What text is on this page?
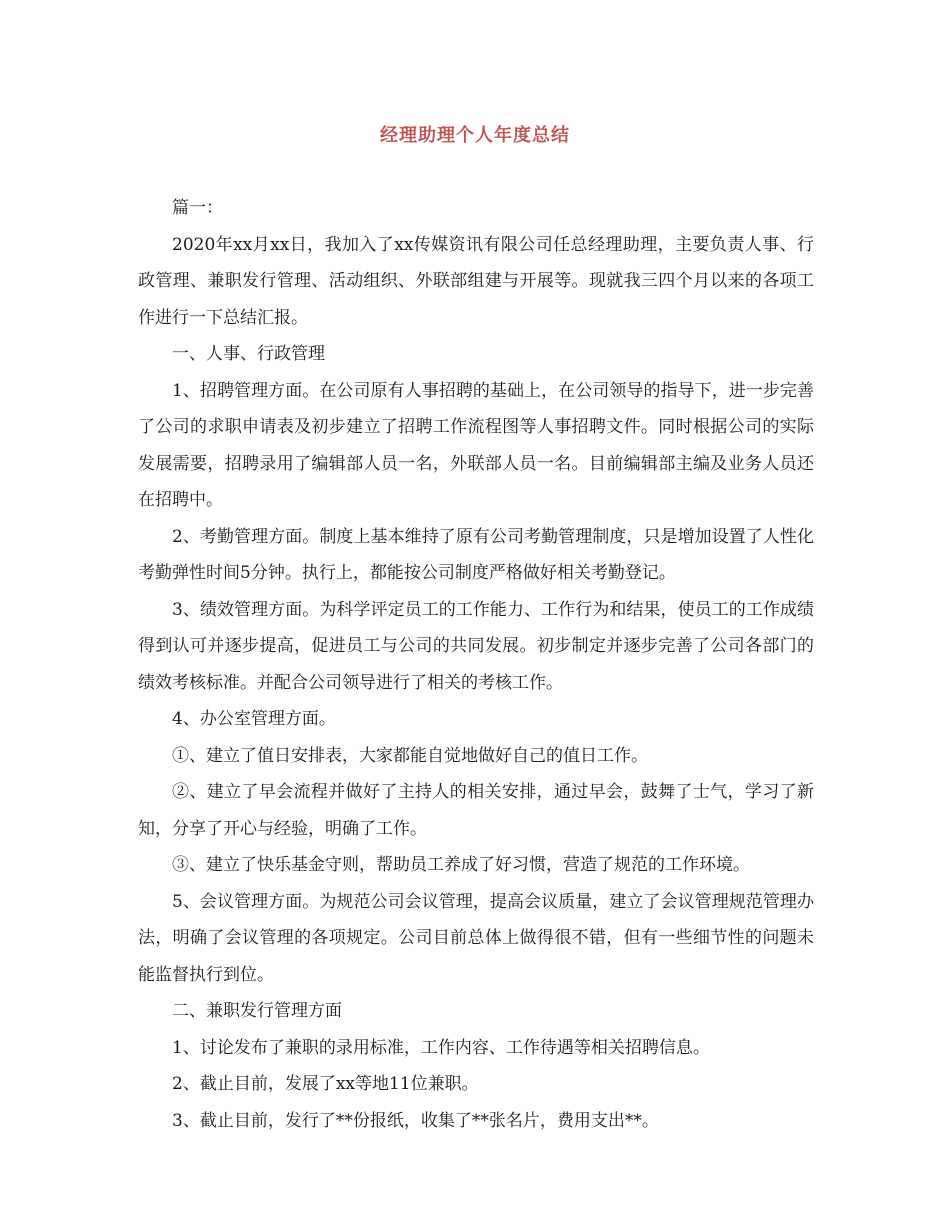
经理助理个人年度总结

篇一：

2020年xx月xx日，我加入了xx传媒资讯有限公司任总经理助理，主要负责人事、行政管理、兼职发行管理、活动组织、外联部组建与开展等。现就我三四个月以来的各项工作进行一下总结汇报。

一、人事、行政管理

1、招聘管理方面。在公司原有人事招聘的基础上，在公司领导的指导下，进一步完善了公司的求职申请表及初步建立了招聘工作流程图等人事招聘文件。同时根据公司的实际发展需要，招聘录用了编辑部人员一名，外联部人员一名。目前编辑部主编及业务人员还在招聘中。

2、考勤管理方面。制度上基本维持了原有公司考勤管理制度，只是增加设置了人性化考勤弹性时间5分钟。执行上，都能按公司制度严格做好相关考勤登记。

3、绩效管理方面。为科学评定员工的工作能力、工作行为和结果，使员工的工作成绩得到认可并逐步提高，促进员工与公司的共同发展。初步制定并逐步完善了公司各部门的绩效考核标准。并配合公司领导进行了相关的考核工作。

4、办公室管理方面。

①、建立了值日安排表，大家都能自觉地做好自己的值日工作。

②、建立了早会流程并做好了主持人的相关安排，通过早会，鼓舞了士气，学习了新知，分享了开心与经验，明确了工作。

③、建立了快乐基金守则，帮助员工养成了好习惯，营造了规范的工作环境。

5、会议管理方面。为规范公司会议管理，提高会议质量，建立了会议管理规范管理办法，明确了会议管理的各项规定。公司目前总体上做得很不错，但有一些细节性的问题未能监督执行到位。

二、兼职发行管理方面

1、讨论发布了兼职的录用标准，工作内容、工作待遇等相关招聘信息。

2、截止目前，发展了xx等地11位兼职。

3、截止目前，发行了**份报纸，收集了**张名片，费用支出**。
